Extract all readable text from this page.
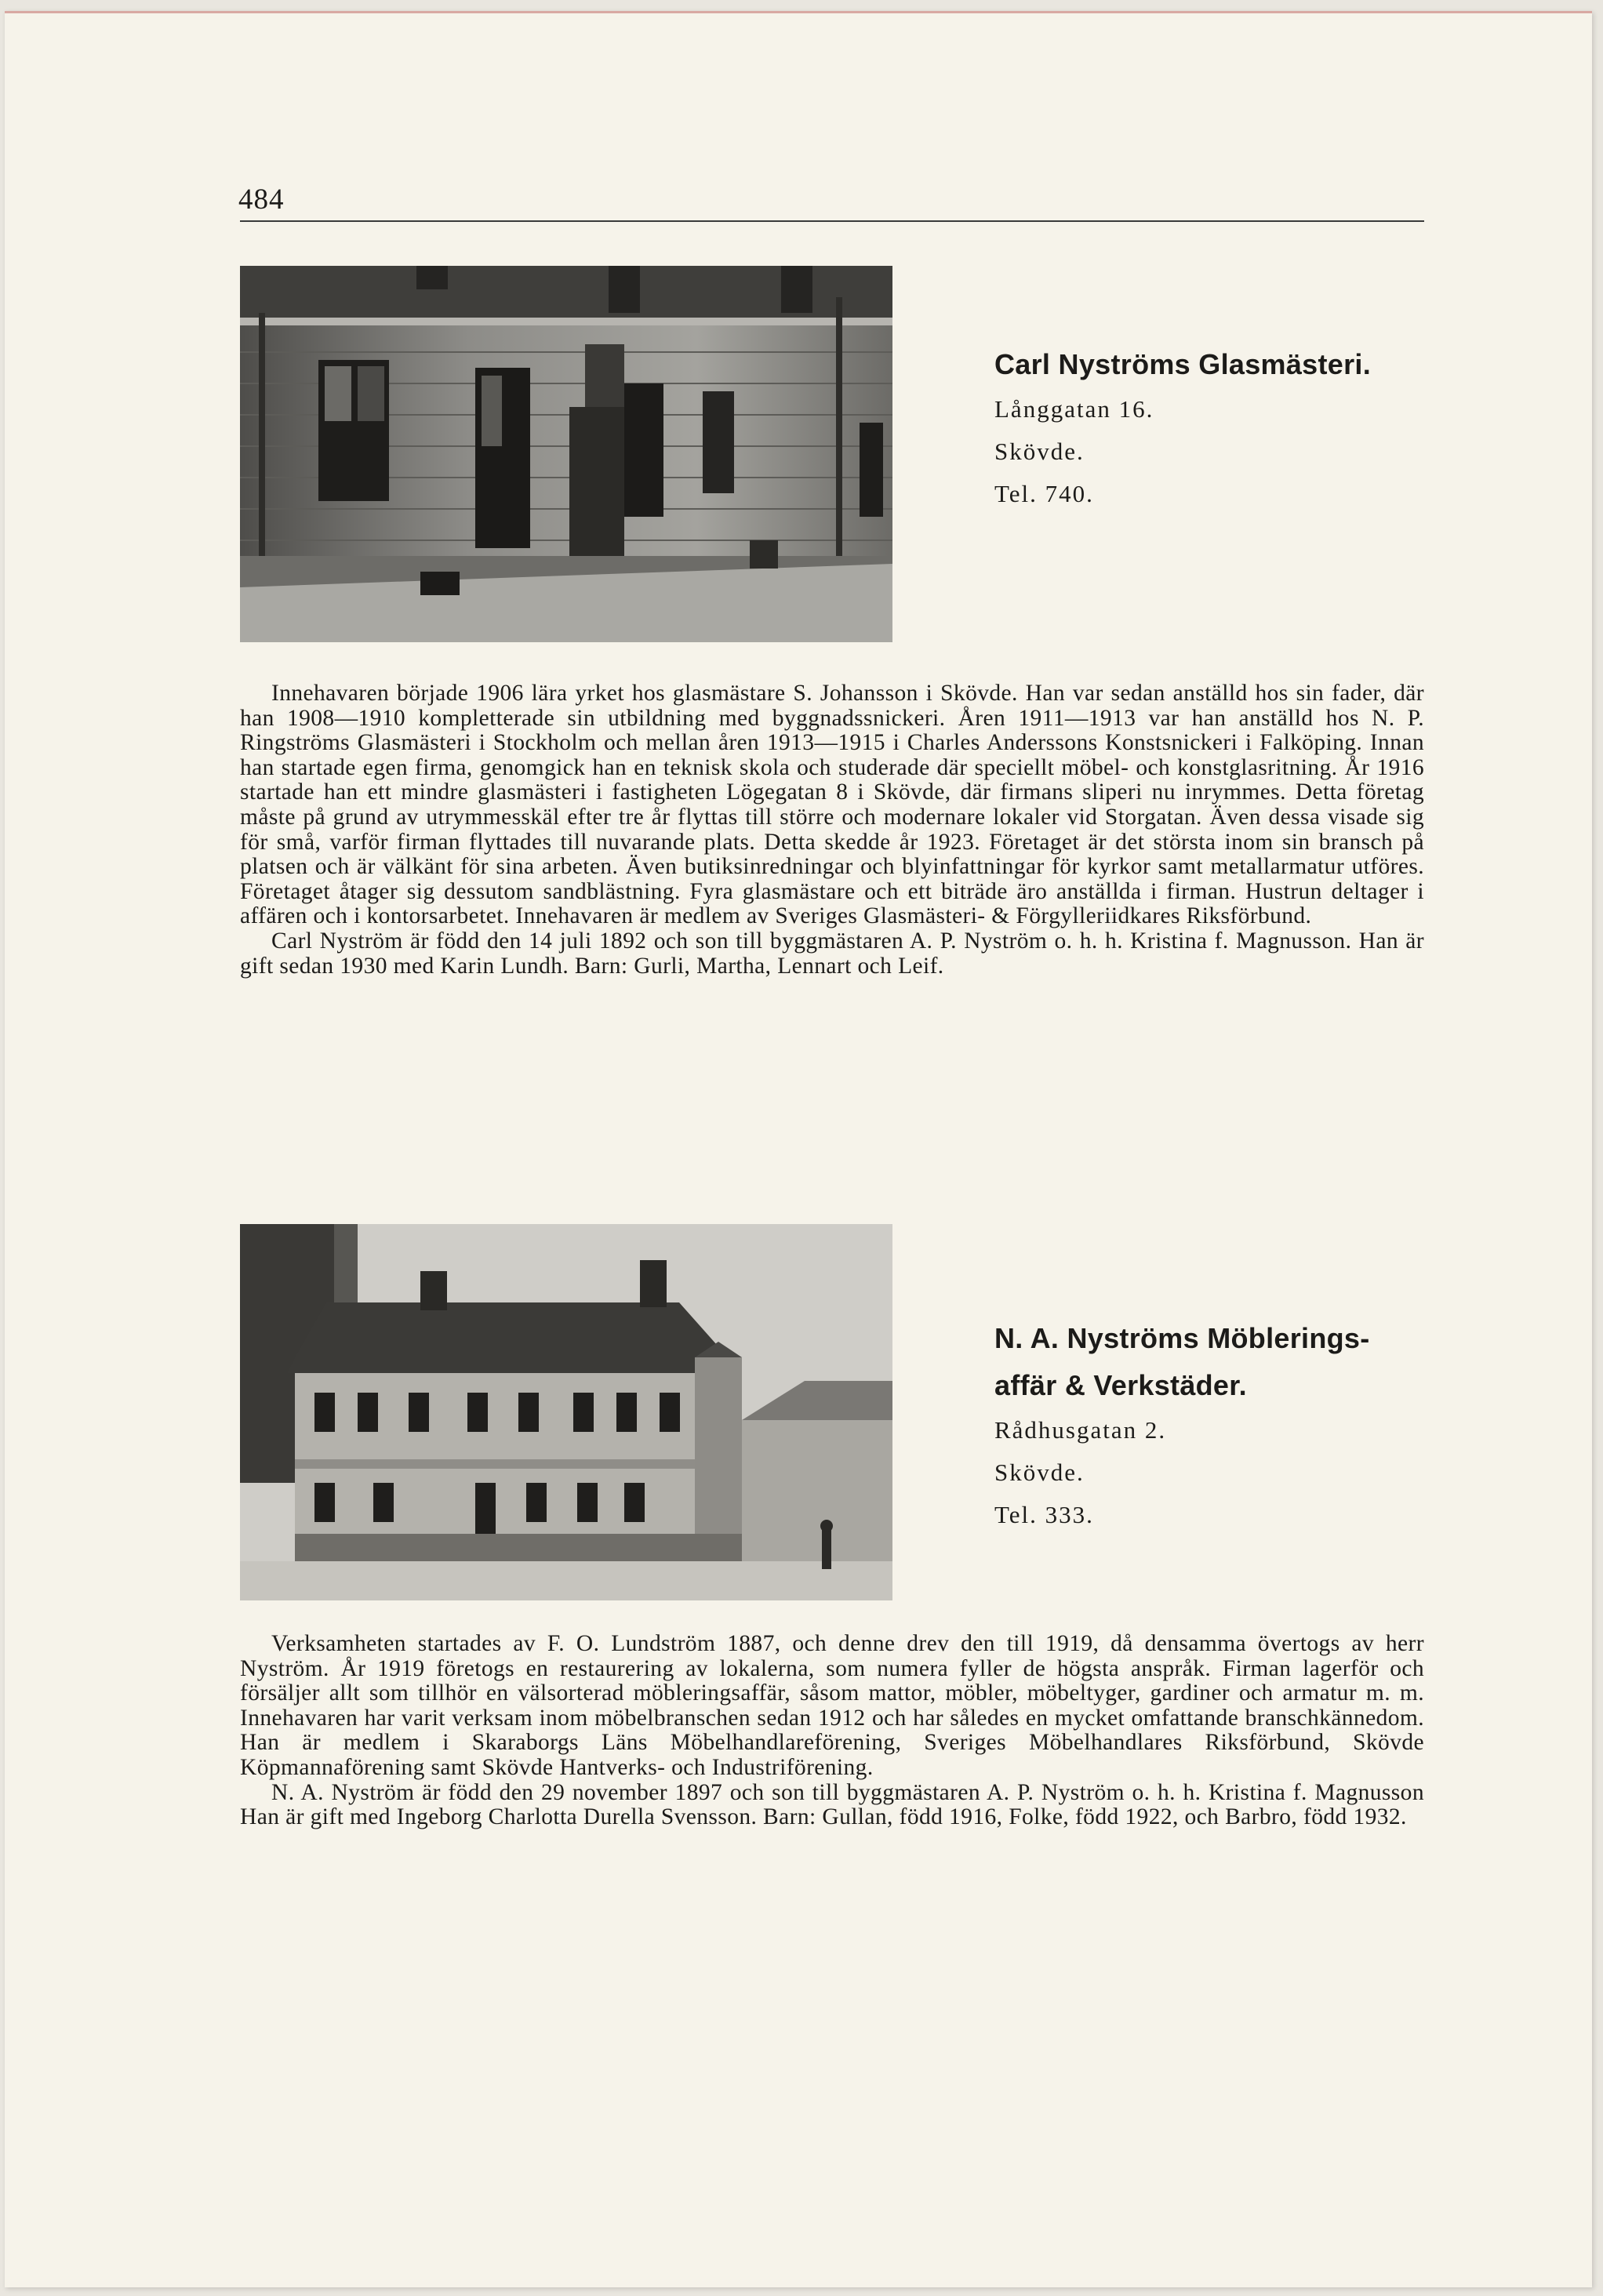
484
Carl Nyströms Glasmästeri.
Långgatan 16.
Skövde.
Tel. 740.

Innehavaren började 1906 lära yrket hos glasmästare S. Johansson i Skövde. Han var sedan anställd hos sin fader, där han 1908—1910 kompletterade sin utbildning med byggnadssnickeri. Åren 1911—1913 var han anställd hos N. P. Ringströms Glasmästeri i Stockholm och mellan åren 1913—1915 i Charles Anderssons Konstsnickeri i Falköping. Innan han startade egen firma, genomgick han en teknisk skola och studerade där speciellt möbel- och konstglasritning. År 1916 startade han ett mindre glasmästeri i fastigheten Lögegatan 8 i Skövde, där firmans sliperi nu inrymmes. Detta företag måste på grund av utrymmesskäl efter tre år flyttas till större och modernare lokaler vid Storgatan. Även dessa visade sig för små, varför firman flyttades till nuvarande plats. Detta skedde år 1923. Företaget är det största inom sin bransch på platsen och är välkänt för sina arbeten. Även butiksinredningar och blyinfattningar för kyrkor samt metallarmatur utföres. Företaget åtager sig dessutom sandblästning. Fyra glasmästare och ett biträde äro anställda i firman. Hustrun deltager i affären och i kontorsarbetet. Innehavaren är medlem av Sveriges Glasmästeri- & Förgylleriidkares Riksförbund.

Carl Nyström är född den 14 juli 1892 och son till byggmästaren A. P. Nyström o. h. h. Kristina f. Magnusson. Han är gift sedan 1930 med Karin Lundh. Barn: Gurli, Martha, Lennart och Leif.

N. A. Nyströms Möblerings-
affär & Verkstäder.
Rådhusgatan 2.
Skövde.
Tel. 333.

Verksamheten startades av F. O. Lundström 1887, och denne drev den till 1919, då densamma övertogs av herr Nyström. År 1919 företogs en restaurering av lokalerna, som numera fyller de högsta anspråk. Firman lagerför och försäljer allt som tillhör en välsorterad möbleringsaffär, såsom mattor, möbler, möbeltyger, gardiner och armatur m. m. Innehavaren har varit verksam inom möbelbranschen sedan 1912 och har således en mycket omfattande branschkännedom. Han är medlem i Skaraborgs Läns Möbelhandlareförening, Sveriges Möbelhandlares Riksförbund, Skövde Köpmannaförening samt Skövde Hantverks- och Industriförening.

N. A. Nyström är född den 29 november 1897 och son till byggmästaren A. P. Nyström o. h. h. Kristina f. Magnusson Han är gift med Ingeborg Charlotta Durella Svensson. Barn: Gullan, född 1916, Folke, född 1922, och Barbro, född 1932.
